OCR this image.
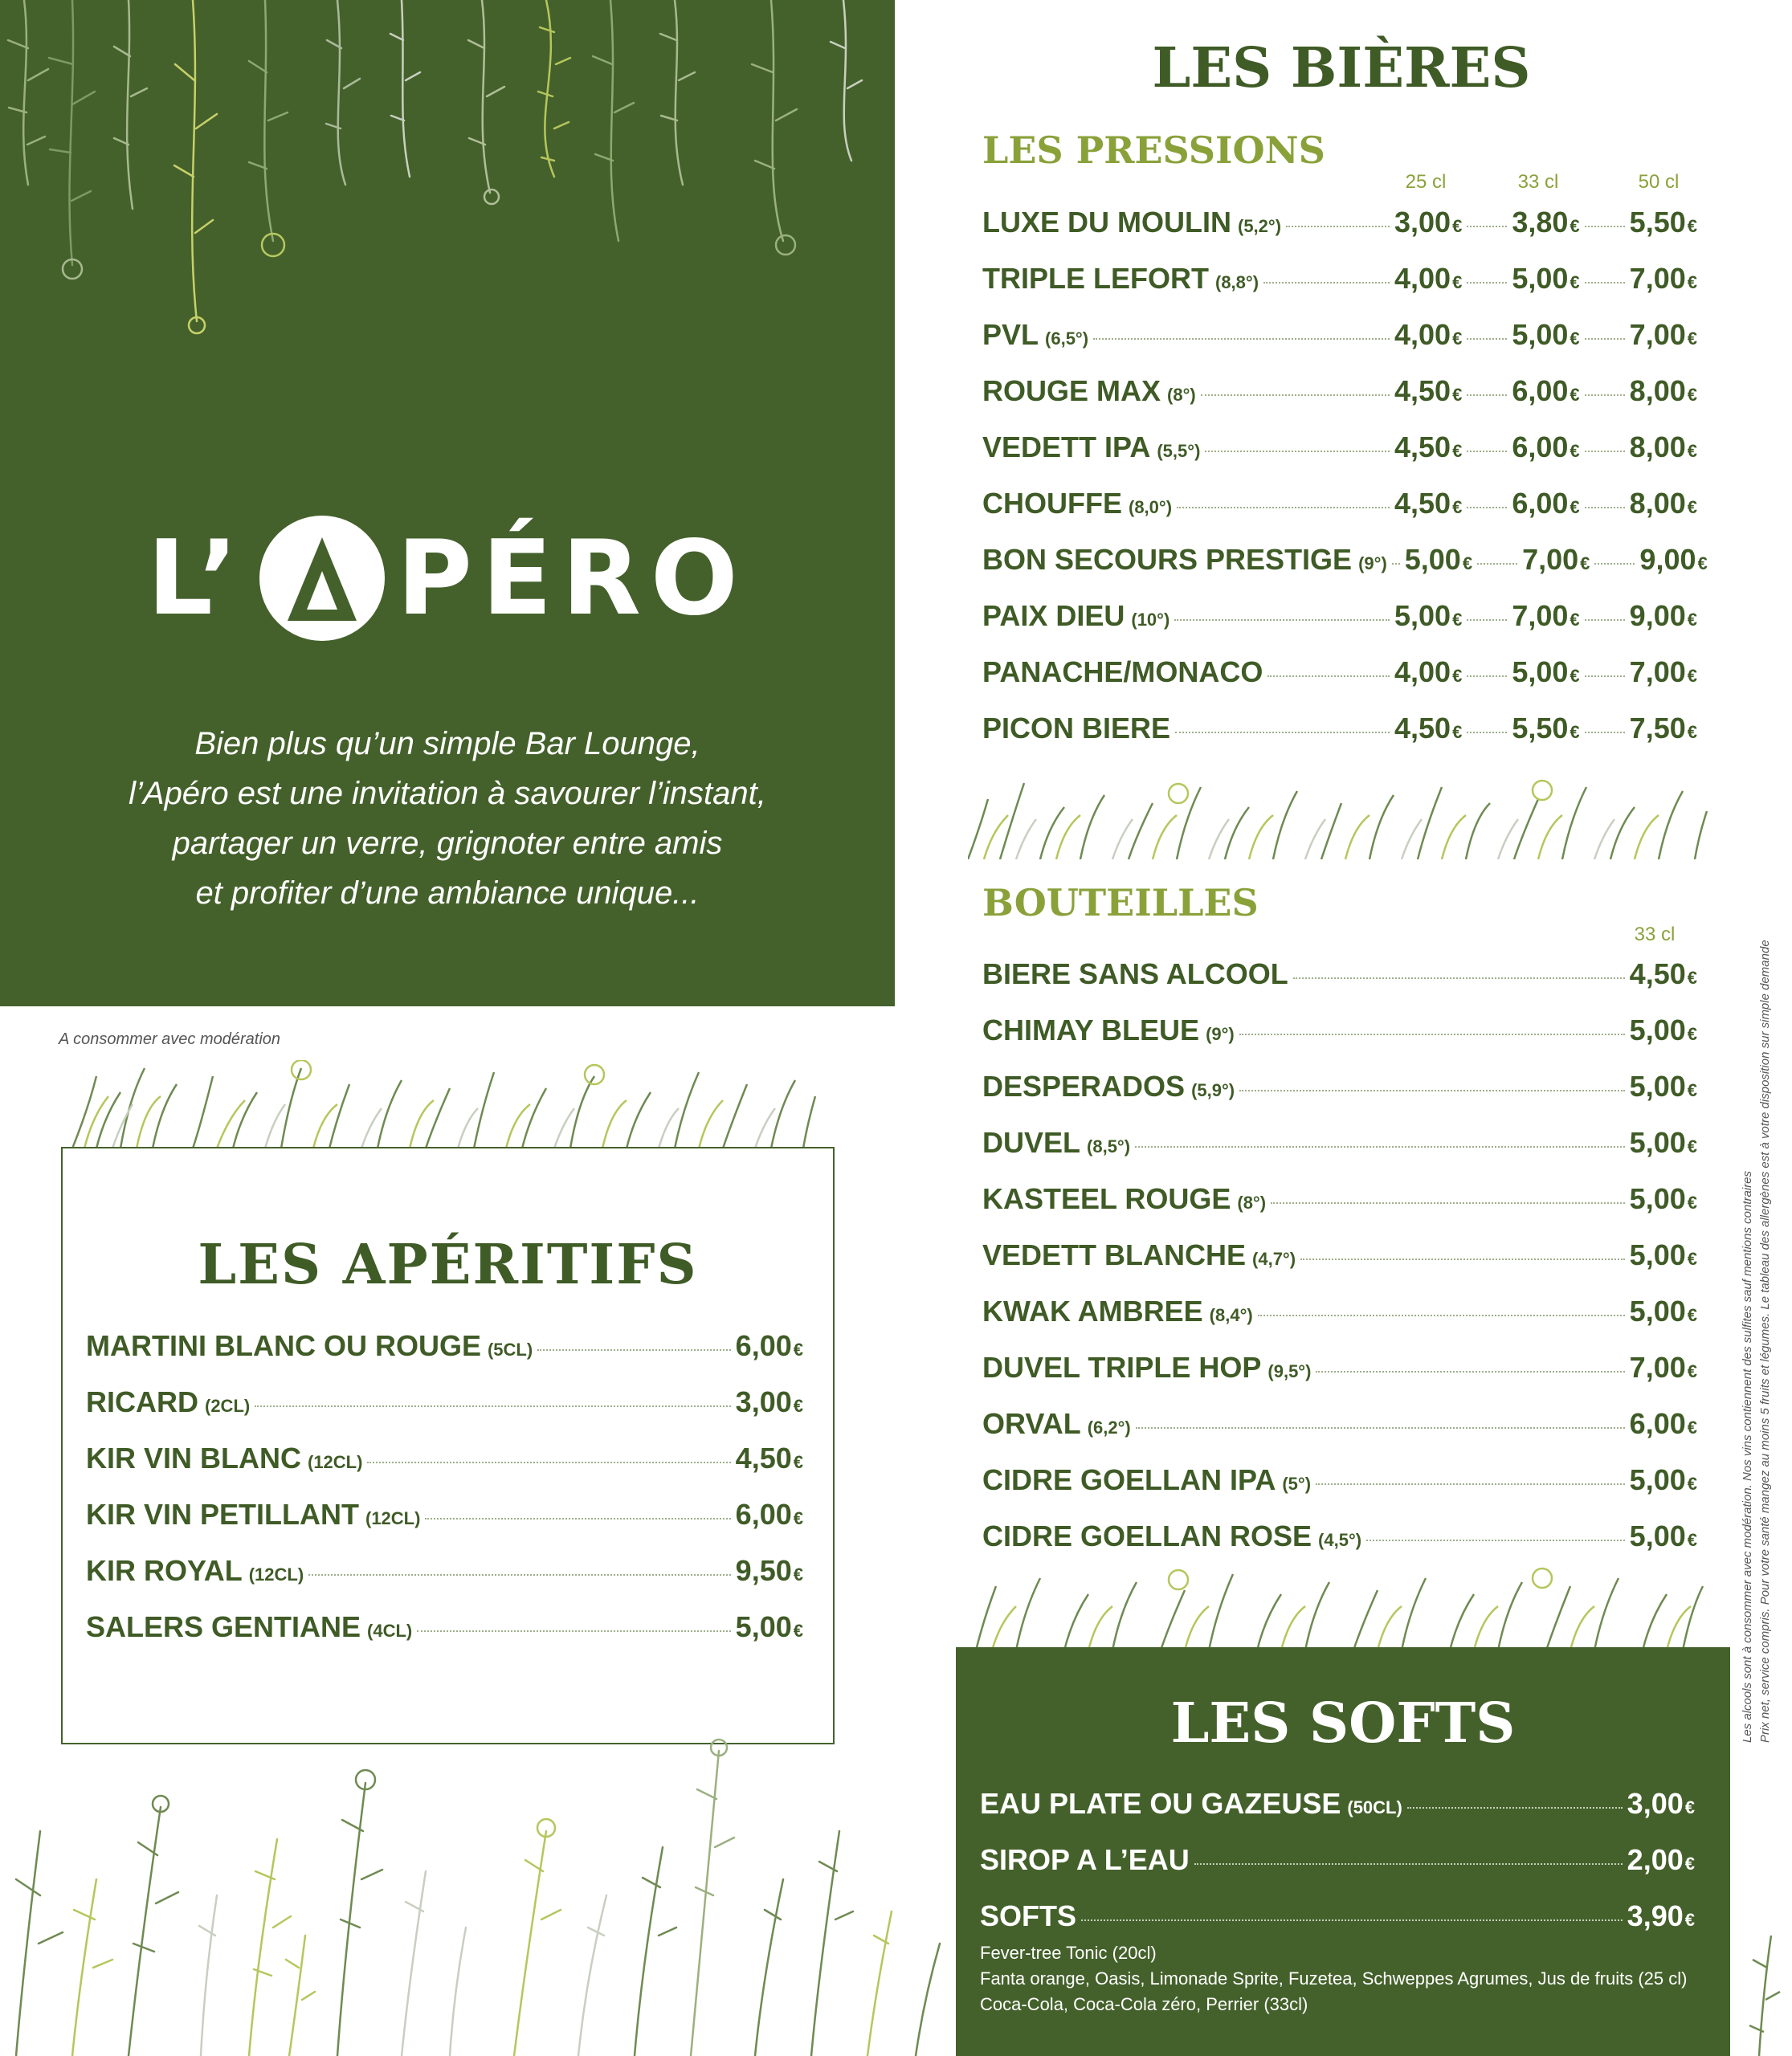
L’ PÉRO
Bien plus qu’un simple Bar Lounge,
l’Apéro est une invitation à savourer l’instant,
partager un verre, grignoter entre amis
et profiter d’une ambiance unique...
A consommer avec modération
LES APÉRITIFS
MARTINI BLANC OU ROUGE (5CL)	6,00 €
RICARD (2CL)	3,00 €
KIR VIN BLANC (12CL)	4,50 €
KIR VIN PETILLANT (12CL)	6,00 €
KIR ROYAL (12CL)	9,50 €
SALERS GENTIANE (4CL)	5,00 €
LES BIÈRES
LES PRESSIONS
25 cl	33 cl	50 cl
LUXE DU MOULIN (5,2°)	3,00 € 3,80 € 5,50 €
TRIPLE LEFORT (8,8°)	4,00 € 5,00 € 7,00 €
PVL (6,5°)	4,00 € 5,00 € 7,00 €
ROUGE MAX (8°)	4,50 € 6,00 € 8,00 €
VEDETT IPA (5,5°)	4,50 € 6,00 € 8,00 €
CHOUFFE (8,0°)	4,50 € 6,00 € 8,00 €
BON SECOURS PRESTIGE (9°) 5,00 € 7,00 € 9,00 €
PAIX DIEU (10°)	5,00 € 7,00 € 9,00 €
PANACHE/MONACO	4,00 € 5,00 € 7,00 €
PICON BIERE	4,50 € 5,50 € 7,50 €
BOUTEILLES
33 cl
BIERE SANS ALCOOL	4,50 €
CHIMAY BLEUE (9°)	5,00 €
DESPERADOS (5,9°)	5,00 €
DUVEL (8,5°)	5,00 €
KASTEEL ROUGE (8°)	5,00 €
VEDETT BLANCHE (4,7°)	5,00 €
KWAK AMBREE (8,4°)	5,00 €
DUVEL TRIPLE HOP (9,5°)	7,00 €
ORVAL (6,2°)	6,00 €
CIDRE GOELLAN IPA (5°)	5,00 €
CIDRE GOELLAN ROSE (4,5°)	5,00 €
LES SOFTS
Fever-tree Tonic (20cl)
Fanta orange, Oasis, Limonade Sprite, Fuzetea, Schweppes Agrumes, Jus de fruits (25 cl)
Coca-Cola, Coca-Cola zéro, Perrier (33cl)
EAU PLATE OU GAZEUSE (50CL)	3,00 €
SIROP A L’EAU	2,00 €
SOFTS	3,90 €
Les alcools sont à consommer avec modération. Nos vins contiennent des sulfites sauf mentions contraires Prix net, service compris. Pour votre santé mangez au moins 5 fruits et légumes. Le tableau des allergènes est à votre disposition sur simple demande
